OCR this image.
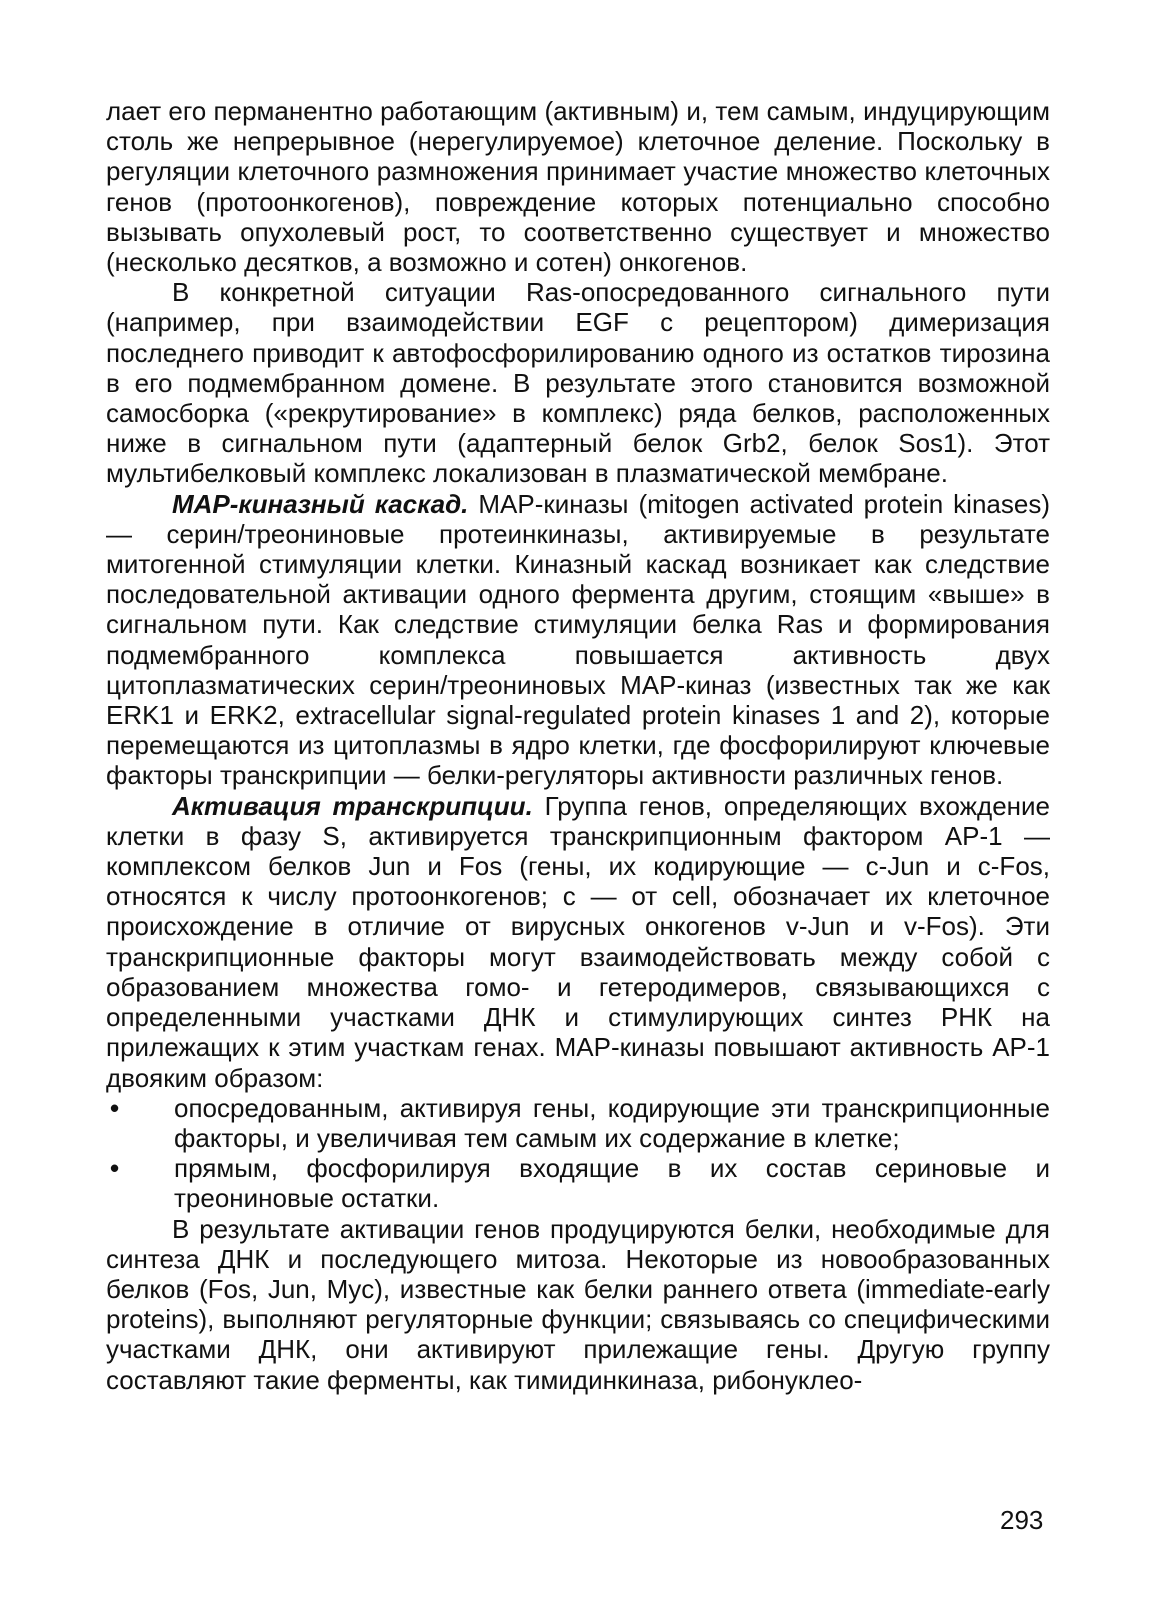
лает его перманентно работающим (активным) и, тем самым, индуцирующим столь же непрерывное (нерегулируемое) клеточное деление. Поскольку в регуляции клеточного размножения принимает участие множество клеточных генов (протоонкогенов), повреждение которых потенциально способно вызывать опухолевый рост, то соответственно существует и множество (несколько десятков, а возможно и сотен) онкогенов.

В конкретной ситуации Ras-опосредованного сигнального пути (например, при взаимодействии EGF с рецептором) димеризация последнего приводит к автофосфорилированию одного из остатков тирозина в его подмембранном домене. В результате этого становится возможной самосборка («рекрутирование» в комплекс) ряда белков, расположенных ниже в сигнальном пути (адаптерный белок Grb2, белок Sos1). Этот мультибелковый комплекс локализован в плазматической мембране.

MAP-киназный каскад. MAP-киназы (mitogen activated protein kinases) — серин/треониновые протеинкиназы, активируемые в результате митогенной стимуляции клетки. Киназный каскад возникает как следствие последовательной активации одного фермента другим, стоящим «выше» в сигнальном пути. Как следствие стимуляции белка Ras и формирования подмембранного комплекса повышается активность двух цитоплазматических серин/треониновых MAP-киназ (известных так же как ERK1 и ERK2, extracellular signal-regulated protein kinases 1 and 2), которые перемещаются из цитоплазмы в ядро клетки, где фосфорилируют ключевые факторы транскрипции — белки-регуляторы активности различных генов.

Активация транскрипции. Группа генов, определяющих вхождение клетки в фазу S, активируется транскрипционным фактором AP-1 — комплексом белков Jun и Fos (гены, их кодирующие — c-Jun и c-Fos, относятся к числу протоонкогенов; с — от cell, обозначает их клеточное происхождение в отличие от вирусных онкогенов v-Jun и v-Fos). Эти транскрипционные факторы могут взаимодействовать между собой с образованием множества гомо- и гетеродимеров, связывающихся с определенными участками ДНК и стимулирующих синтез РНК на прилежащих к этим участкам генах. MAP-киназы повышают активность AP-1 двояким образом:

• опосредованным, активируя гены, кодирующие эти транскрипционные факторы, и увеличивая тем самым их содержание в клетке;
• прямым, фосфорилируя входящие в их состав сериновые и треониновые остатки.

В результате активации генов продуцируются белки, необходимые для синтеза ДНК и последующего митоза. Некоторые из новообразованных белков (Fos, Jun, Myc), известные как белки раннего ответа (immediate-early proteins), выполняют регуляторные функции; связываясь со специфическими участками ДНК, они активируют прилежащие гены. Другую группу составляют такие ферменты, как тимидинкиназа, рибонуклео-

293
